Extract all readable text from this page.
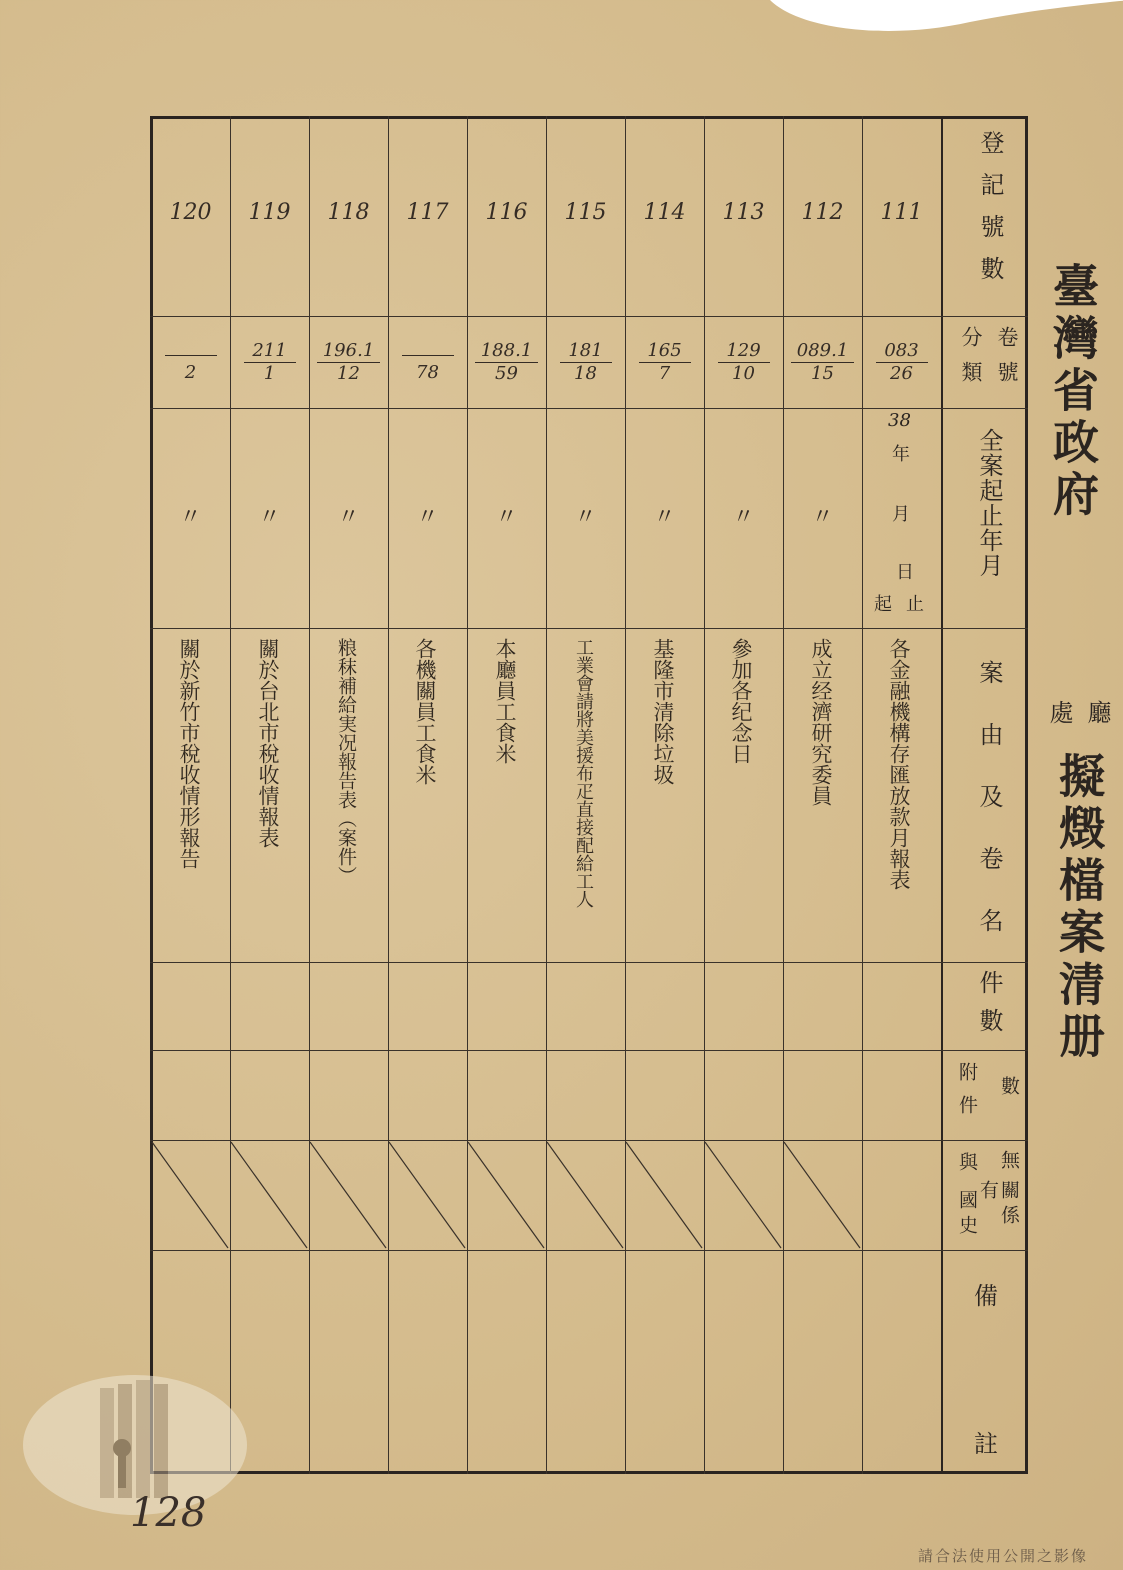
臺灣省政府
廳
處
擬燬檔案清册
登記號數
卷號
分類
全案起止年月
案由及卷名
件數
數
附件
無
關係
有
與
國史
備
註
38
年
月
日
止
起
111
$\frac{083}{26}$
各金融機構存匯放款月報表
112
$\frac{089.1}{15}$
〃
成立经濟研究委員
113
$\frac{129}{10}$
〃
參加各纪念日
114
$\frac{165}{7}$
〃
基隆市清除垃圾
115
$\frac{181}{18}$
〃
工業會請將美援布疋直接配給工人
116
$\frac{188.1}{59}$
〃
本廳員工食米
117

78
〃
各機關員工食米
118
$\frac{196.1}{12}$
〃
粮秣補給実况報告表（案件）
119
$\frac{211}{1}$
〃
關於台北市稅收情報表
120

2
〃
關於新竹市稅收情形報告
128
請合法使用公開之影像
